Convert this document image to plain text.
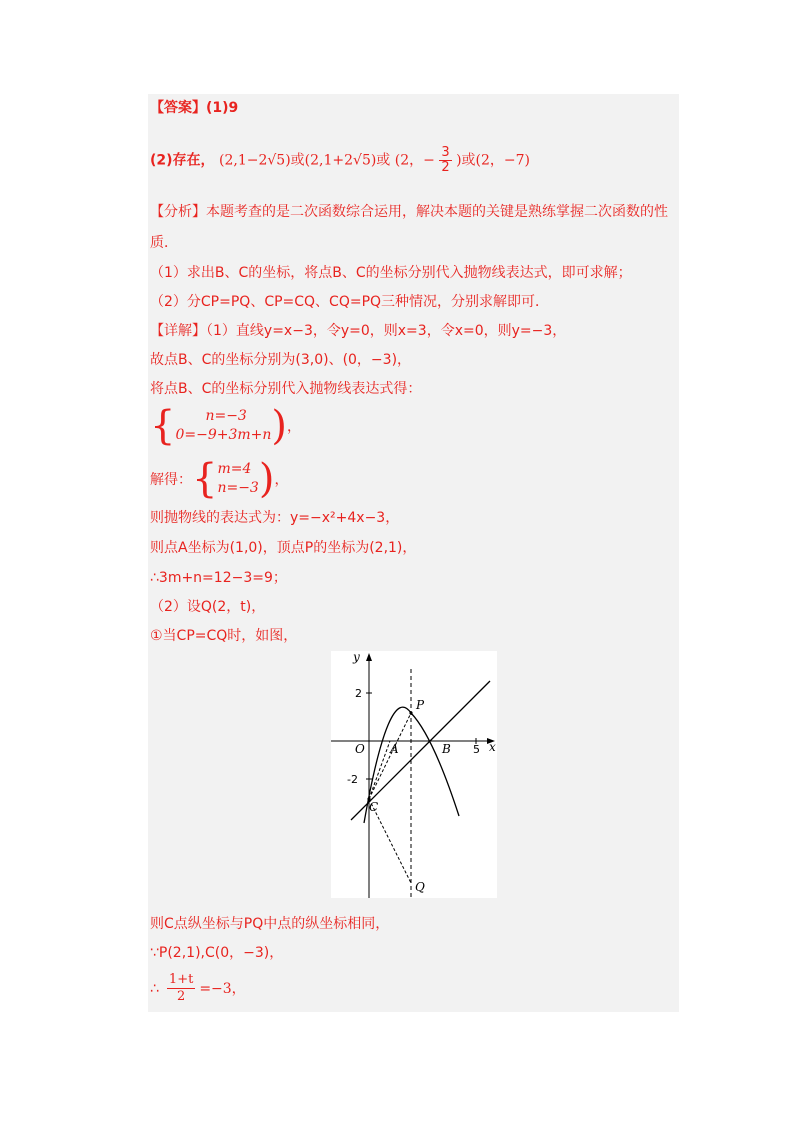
【答案】(1)9
(2)存在， (2,1−2√5)或(2,1+2√5)或 (2，− $\frac{3}{2}$ )或(2，−7)
【分析】本题考查的是二次函数综合运用，解决本题的关键是熟练掌握二次函数的性
质．
（1）求出B、C的坐标，将点B、C的坐标分别代入抛物线表达式，即可求解；
（2）分CP=PQ、CP=CQ、CQ=PQ三种情况，分别求解即可．
【详解】（1）直线y=x−3，令y=0，则x=3，令x=0，则y=−3，
故点B、C的坐标分别为(3,0)、(0，−3)，
将点B、C的坐标分别代入抛物线表达式得：
{	n=−3
0=−9+3m+n ) ，
解得： { m=4
n=−3 ) ，
则抛物线的表达式为：y=−x²+4x−3，
则点A坐标为(1,0)，顶点P的坐标为(2,1)，
∴3m+n=12−3=9；
（2）设Q(2，t)，
①当CP=CQ时，如图，
y
x
2
-2
5
O A	B
P
C
Q
则C点纵坐标与PQ中点的纵坐标相同，
∵P(2,1),C(0，−3)，
∴ $\frac{1+t}{2} =-3$，
